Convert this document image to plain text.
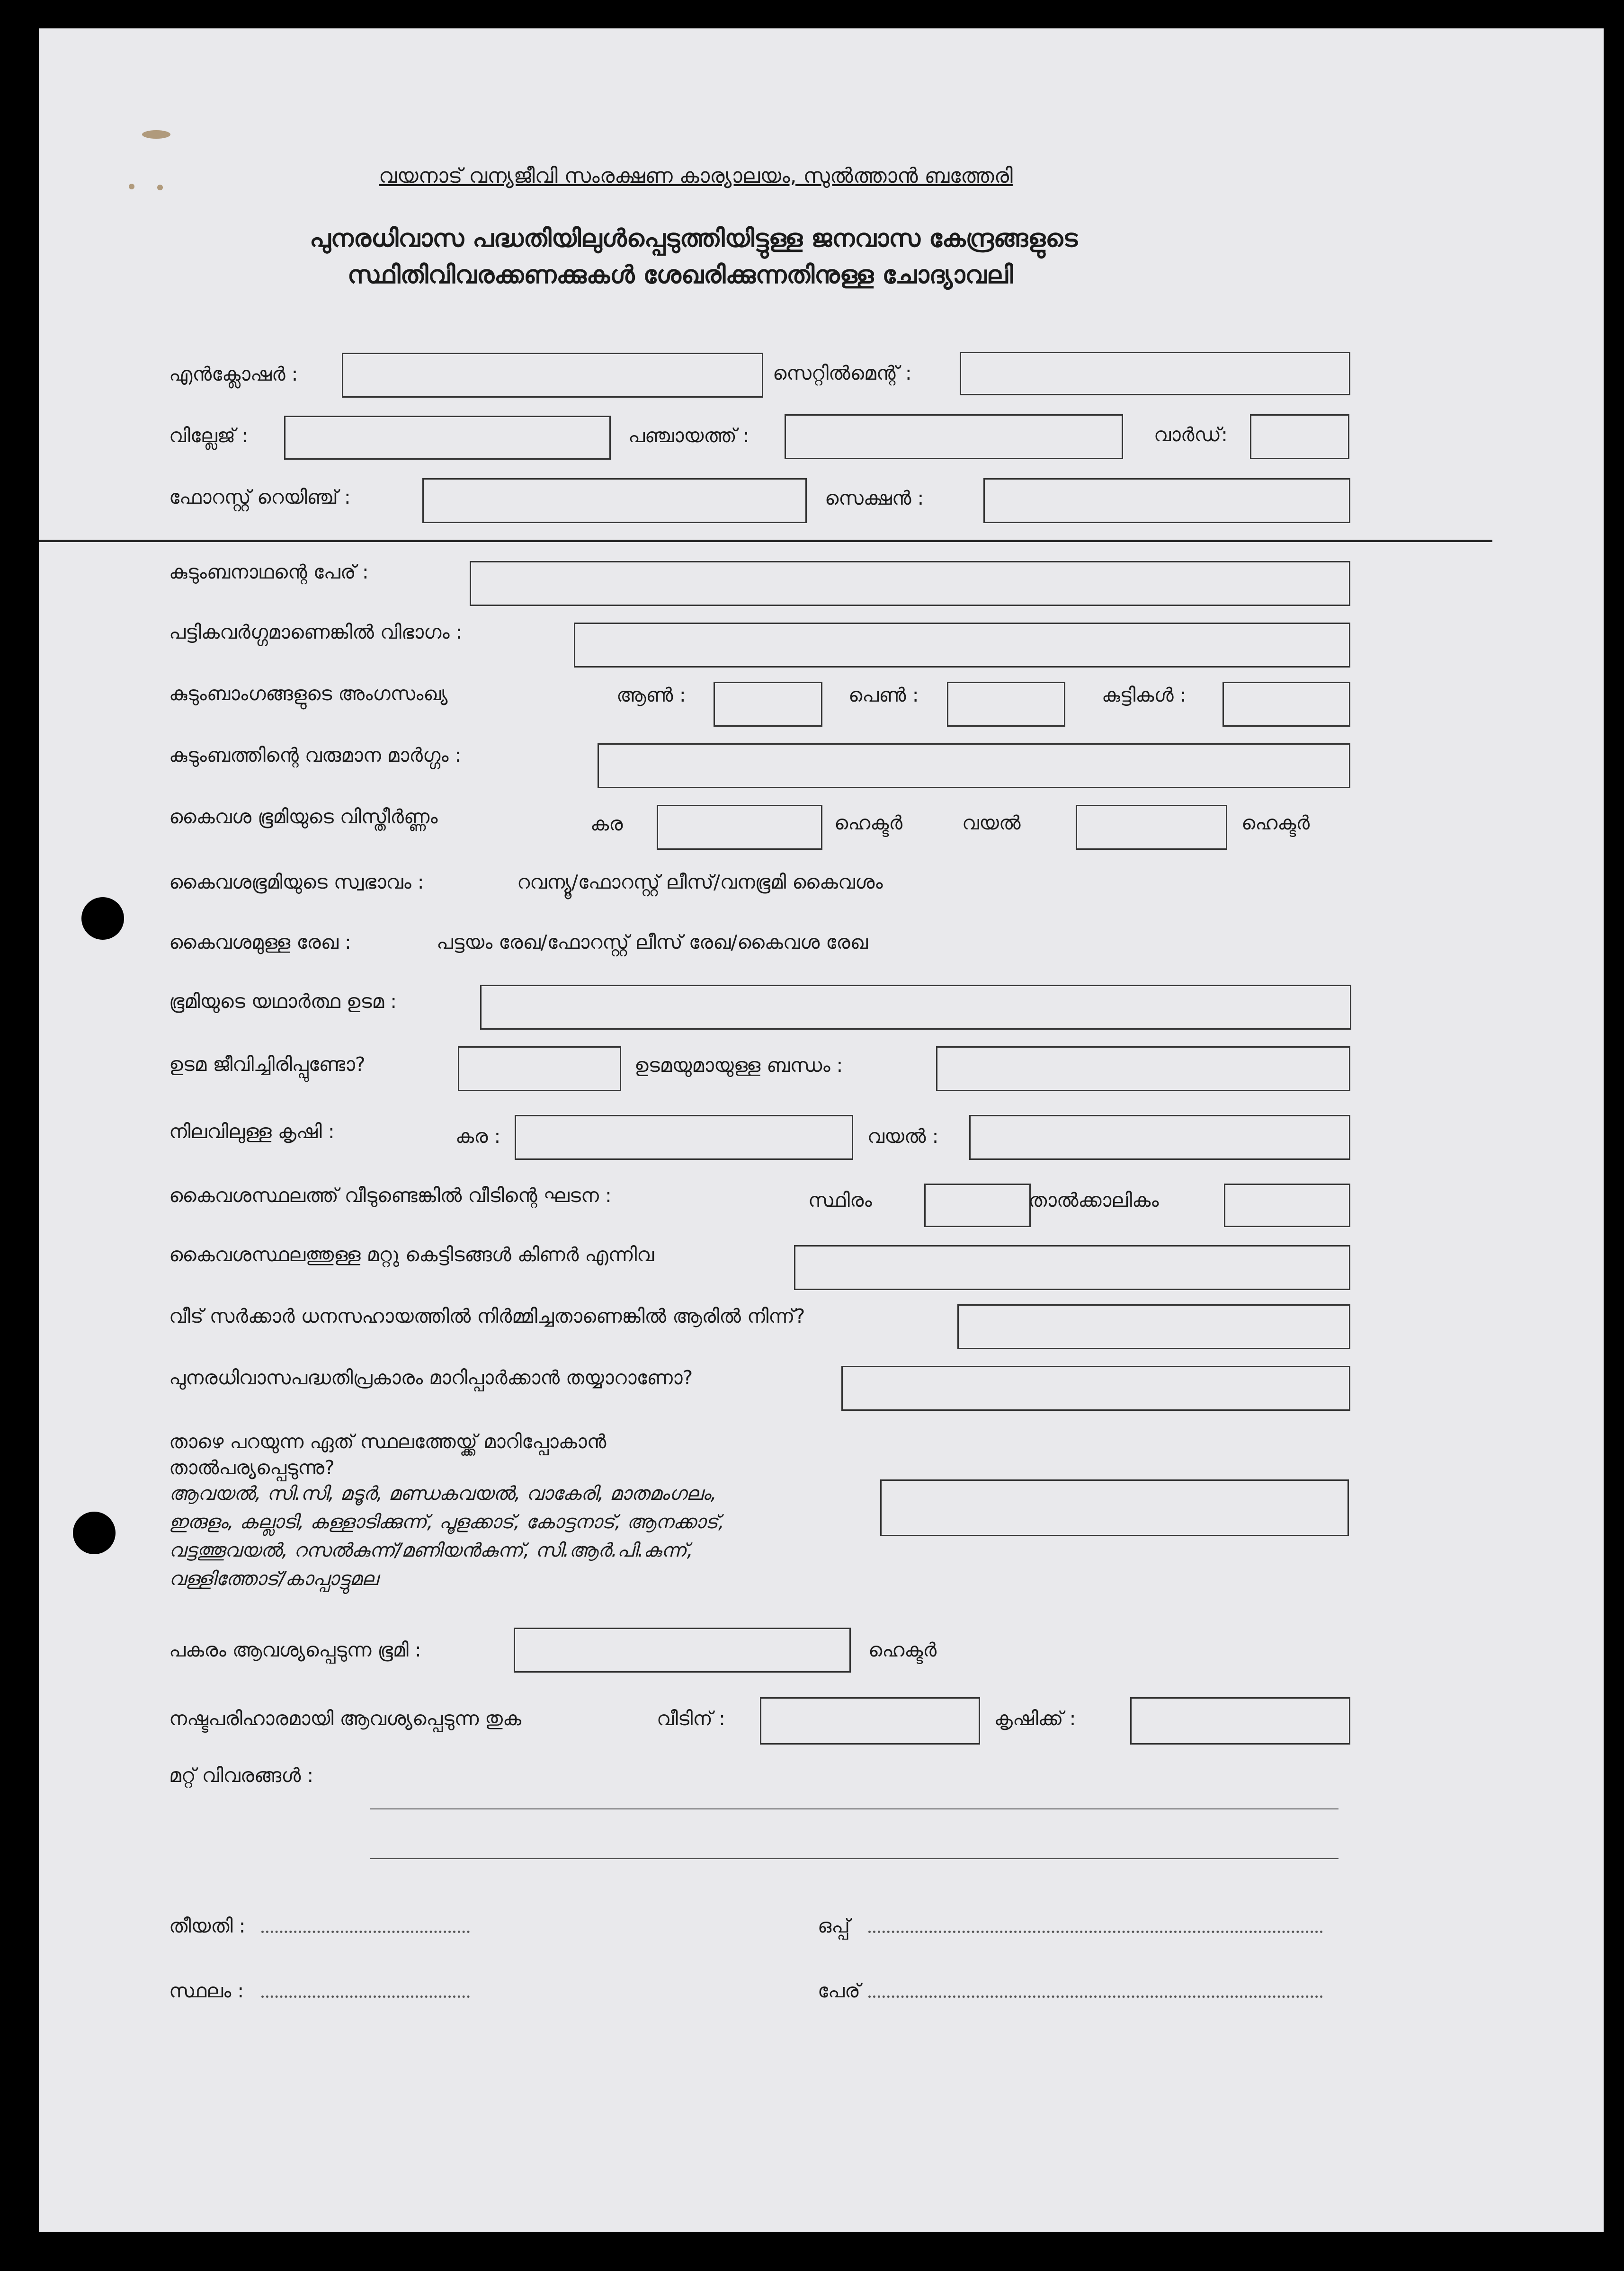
വയനാട് വന്യജീവി സംരക്ഷണ കാര്യാലയം, സുൽത്താൻ ബത്തേരി
പുനരധിവാസ പദ്ധതിയിലുൾപ്പെടുത്തിയിട്ടുള്ള ജനവാസ കേന്ദ്രങ്ങളുടെ
സ്ഥിതിവിവരക്കണക്കുകൾ ശേഖരിക്കുന്നതിനുള്ള ചോദ്യാവലി
എൻക്ലോഷർ :	സെറ്റിൽമെന്റ് :
വില്ലേജ് :	പഞ്ചായത്ത് :	വാർഡ്:
ഫോറസ്റ്റ് റെയിഞ്ച് :	സെക്ഷൻ :
കുടുംബനാഥന്റെ പേര് :
പട്ടികവർഗ്ഗമാണെങ്കിൽ വിഭാഗം :
കുടുംബാംഗങ്ങളുടെ അംഗസംഖ്യ	ആൺ :	പെൺ :	കുട്ടികൾ :
കുടുംബത്തിന്റെ വരുമാന മാർഗ്ഗം :
കൈവശ ഭൂമിയുടെ വിസ്തീർണ്ണം	കര	ഹെക്ടർ	വയൽ	ഹെക്ടർ
കൈവശഭൂമിയുടെ സ്വഭാവം :	റവന്യൂ/ഫോറസ്റ്റ് ലീസ്/വനഭൂമി കൈവശം
കൈവശമുള്ള രേഖ :	പട്ടയം രേഖ/ഫോറസ്റ്റ് ലീസ് രേഖ/കൈവശ രേഖ
ഭൂമിയുടെ യഥാർത്ഥ ഉടമ :
ഉടമ ജീവിച്ചിരിപ്പുണ്ടോ?	ഉടമയുമായുള്ള ബന്ധം :
നിലവിലുള്ള കൃഷി :	കര :	വയൽ :
കൈവശസ്ഥലത്ത് വീടുണ്ടെങ്കിൽ വീടിന്റെ ഘടന :	സ്ഥിരം	താൽക്കാലികം
കൈവശസ്ഥലത്തുള്ള മറ്റു കെട്ടിടങ്ങൾ കിണർ എന്നിവ
വീട് സർക്കാർ ധനസഹായത്തിൽ നിർമ്മിച്ചതാണെങ്കിൽ ആരിൽ നിന്ന്?
പുനരധിവാസപദ്ധതിപ്രകാരം മാറിപ്പാർക്കാൻ തയ്യാറാണോ?
താഴെ പറയുന്ന ഏത് സ്ഥലത്തേയ്ക്ക് മാറിപ്പോകാൻ
താൽപര്യപ്പെടുന്നു?
ആവയൽ, സി.സി, മടൂർ, മണ്ഡകവയൽ, വാകേരി, മാതമംഗലം,
ഇരുളം, കല്ലാടി, കള്ളാടിക്കുന്ന്, പൂളക്കാട്, കോട്ടനാട്, ആനക്കാട്,
വട്ടത്തൂവയൽ, റസൽകുന്ന്/മണിയൻകുന്ന്, സി.ആർ.പി.കുന്ന്,
വള്ളിത്തോട്/കാപ്പാട്ടുമല
പകരം ആവശ്യപ്പെടുന്ന ഭൂമി :	ഹെക്ടർ
നഷ്ടപരിഹാരമായി ആവശ്യപ്പെടുന്ന തുക	വീടിന് :	കൃഷിക്ക് :
മറ്റ് വിവരങ്ങൾ :
തീയതി :	ഒപ്പ്
സ്ഥലം :	പേര്
